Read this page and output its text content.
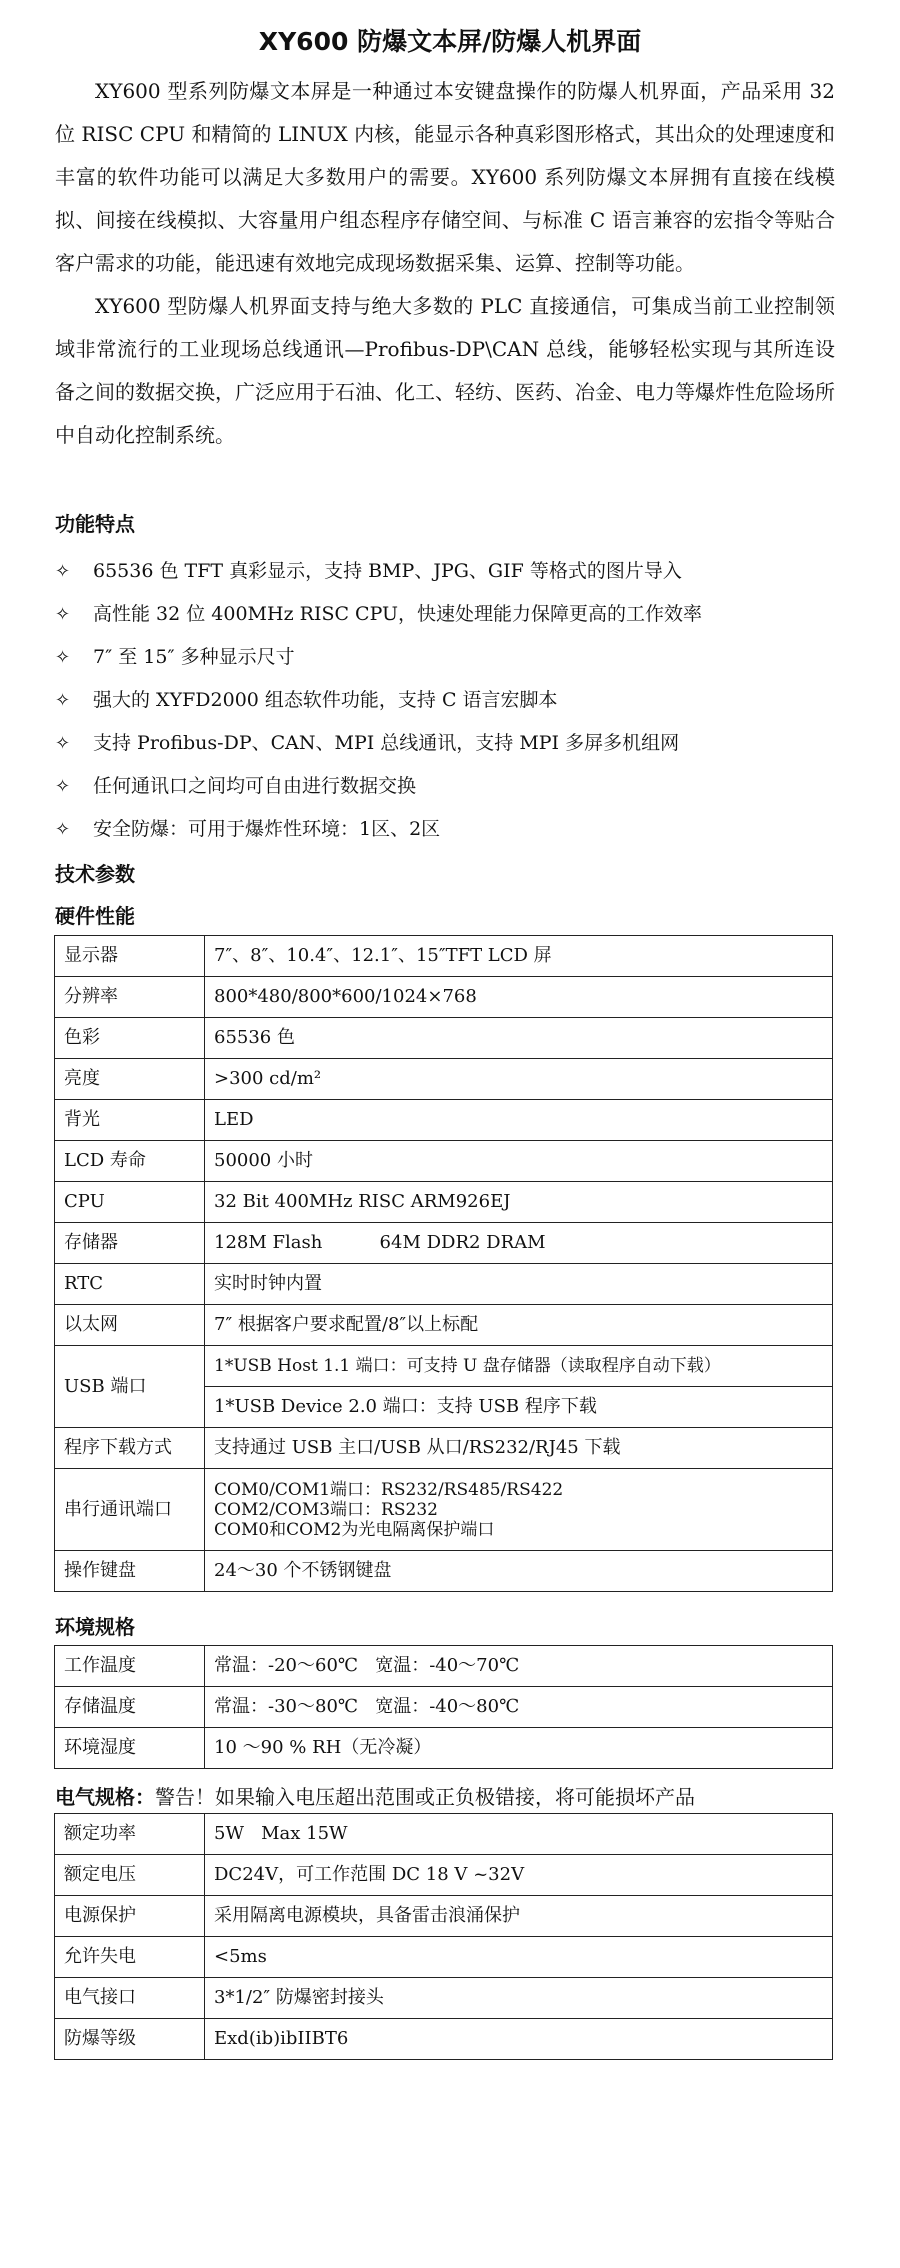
XY600 防爆文本屏/防爆人机界面

XY600 型系列防爆文本屏是一种通过本安键盘操作的防爆人机界面，产品采用 32 位 RISC CPU 和精简的 LINUX 内核，能显示各种真彩图形格式，其出众的处理速度和丰富的软件功能可以满足大多数用户的需要。XY600 系列防爆文本屏拥有直接在线模拟、间接在线模拟、大容量用户组态程序存储空间、与标准 C 语言兼容的宏指令等贴合客户需求的功能，能迅速有效地完成现场数据采集、运算、控制等功能。

XY600 型防爆人机界面支持与绝大多数的 PLC 直接通信，可集成当前工业控制领域非常流行的工业现场总线通讯—Profibus-DP\CAN 总线，能够轻松实现与其所连设备之间的数据交换，广泛应用于石油、化工、轻纺、医药、冶金、电力等爆炸性危险场所中自动化控制系统。

功能特点
✧ 65536 色 TFT 真彩显示，支持 BMP、JPG、GIF 等格式的图片导入
✧ 高性能 32 位 400MHz RISC CPU，快速处理能力保障更高的工作效率
✧ 7″ 至 15″ 多种显示尺寸
✧ 强大的 XYFD2000 组态软件功能，支持 C 语言宏脚本
✧ 支持 Profibus-DP、CAN、MPI 总线通讯，支持 MPI 多屏多机组网
✧ 任何通讯口之间均可自由进行数据交换
✧ 安全防爆：可用于爆炸性环境：1区、2区
技术参数
硬件性能
显示器	7″、8″、10.4″、12.1″、15″TFT LCD 屏
分辨率	800*480/800*600/1024×768
色彩	65536 色
亮度	>300 cd/m²
背光	LED
LCD 寿命	50000 小时
CPU	32 Bit 400MHz RISC ARM926EJ
存储器	128M Flash          64M DDR2 DRAM
RTC	实时时钟内置
以太网	7″ 根据客户要求配置/8″以上标配
USB 端口	1*USB Host 1.1 端口：可支持 U 盘存储器（读取程序自动下载）
	1*USB Device 2.0 端口：支持 USB 程序下载
程序下载方式	支持通过 USB 主口/USB 从口/RS232/RJ45 下载
串行通讯端口	COM0/COM1端口：RS232/RS485/RS422
COM2/COM3端口：RS232
COM0和COM2为光电隔离保护端口

操作键盘	24～30 个不锈钢键盘
环境规格
工作温度	常温：-20～60℃   宽温：-40～70℃
存储温度	常温：-30～80℃   宽温：-40～80℃
环境湿度	10 ～90 % RH（无冷凝）
电气规格：警告！如果输入电压超出范围或正负极错接，将可能损坏产品
额定功率	5W   Max 15W
额定电压	DC24V，可工作范围 DC 18 V ~32V
电源保护	采用隔离电源模块，具备雷击浪涌保护
允许失电	<5ms
电气接口	3*1/2″ 防爆密封接头
防爆等级	Exd(ib)ibIIBT6
